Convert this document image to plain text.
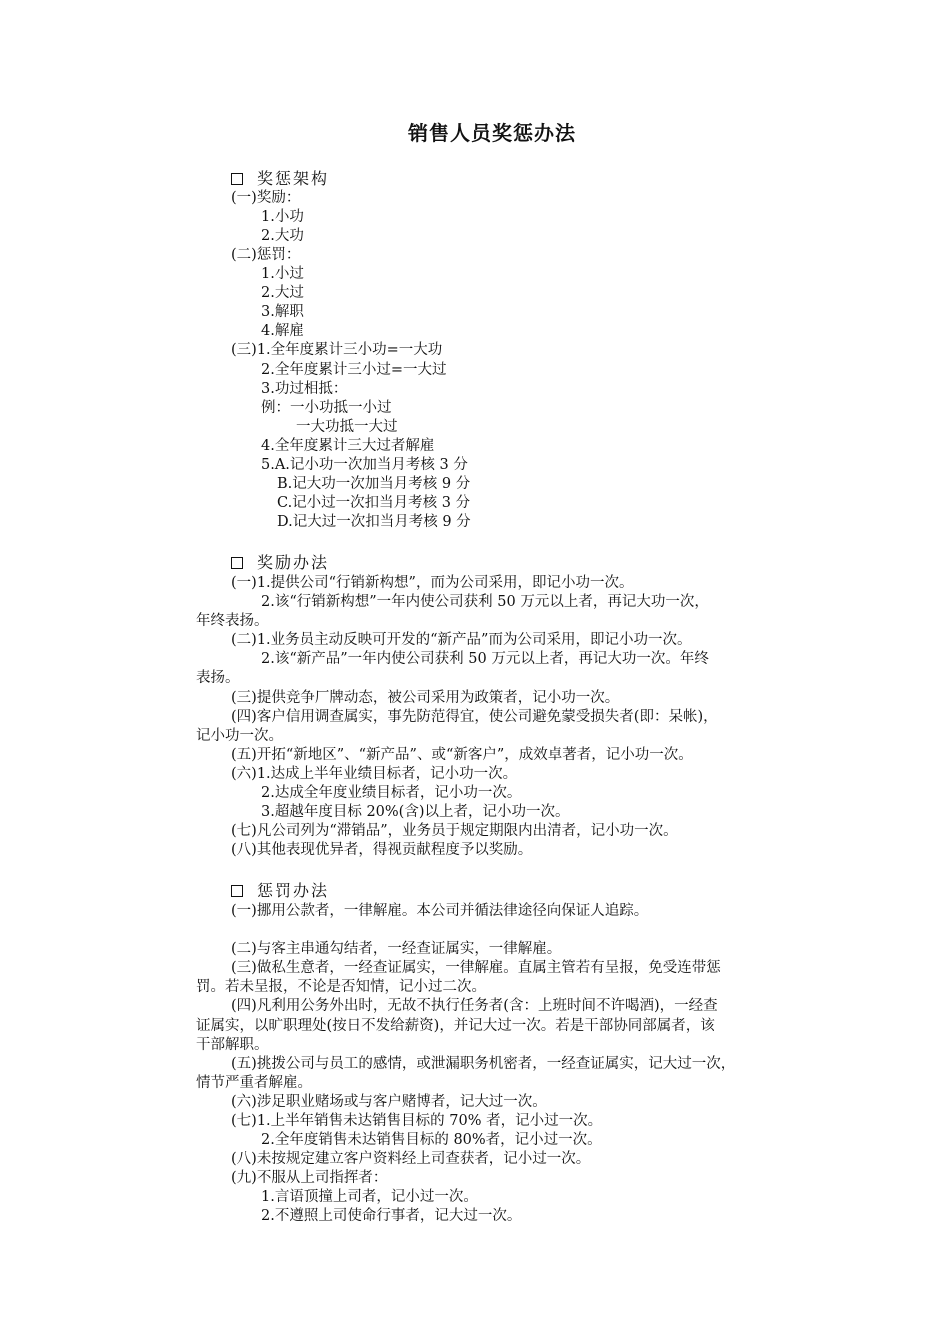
销售人员奖惩办法
奖惩架构
(一)奖励：
1.小功
2.大功
(二)惩罚：
1.小过
2.大过
3.解职
4.解雇
(三)1.全年度累计三小功=一大功
2.全年度累计三小过=一大过
3.功过相抵：
例：一小功抵一小过
一大功抵一大过
4.全年度累计三大过者解雇
5.A.记小功一次加当月考核 3 分
B.记大功一次加当月考核 9 分
C.记小过一次扣当月考核 3 分
D.记大过一次扣当月考核 9 分
奖励办法
(一)1.提供公司“行销新构想”，而为公司采用，即记小功一次。
2.该“行销新构想”一年内使公司获利 50 万元以上者，再记大功一次，
年终表扬。
(二)1.业务员主动反映可开发的“新产品”而为公司采用，即记小功一次。
2.该“新产品”一年内使公司获利 50 万元以上者，再记大功一次。年终
表扬。
(三)提供竞争厂牌动态，被公司采用为政策者，记小功一次。
(四)客户信用调查属实，事先防范得宜，使公司避免蒙受损失者(即：呆帐)，
记小功一次。
(五)开拓“新地区”、“新产品”、或“新客户”，成效卓著者，记小功一次。
(六)1.达成上半年业绩目标者，记小功一次。
2.达成全年度业绩目标者，记小功一次。
3.超越年度目标 20%(含)以上者，记小功一次。
(七)凡公司列为“滞销品”，业务员于规定期限内出清者，记小功一次。
(八)其他表现优异者，得视贡献程度予以奖励。
惩罚办法
(一)挪用公款者，一律解雇。本公司并循法律途径向保证人追踪。
(二)与客主串通勾结者，一经查证属实，一律解雇。
(三)做私生意者，一经查证属实，一律解雇。直属主管若有呈报，免受连带惩
罚。若未呈报，不论是否知情，记小过二次。
(四)凡利用公务外出时，无故不执行任务者(含：上班时间不许喝酒)，一经查
证属实，以旷职理处(按日不发给薪资)，并记大过一次。若是干部协同部属者，该
干部解职。
(五)挑拨公司与员工的感情，或泄漏职务机密者，一经查证属实，记大过一次，
情节严重者解雇。
(六)涉足职业赌场或与客户赌博者，记大过一次。
(七)1.上半年销售未达销售目标的 70% 者，记小过一次。
2.全年度销售未达销售目标的 80%者，记小过一次。
(八)未按规定建立客户资料经上司查获者，记小过一次。
(九)不服从上司指挥者：
1.言语顶撞上司者，记小过一次。
2.不遵照上司使命行事者，记大过一次。
